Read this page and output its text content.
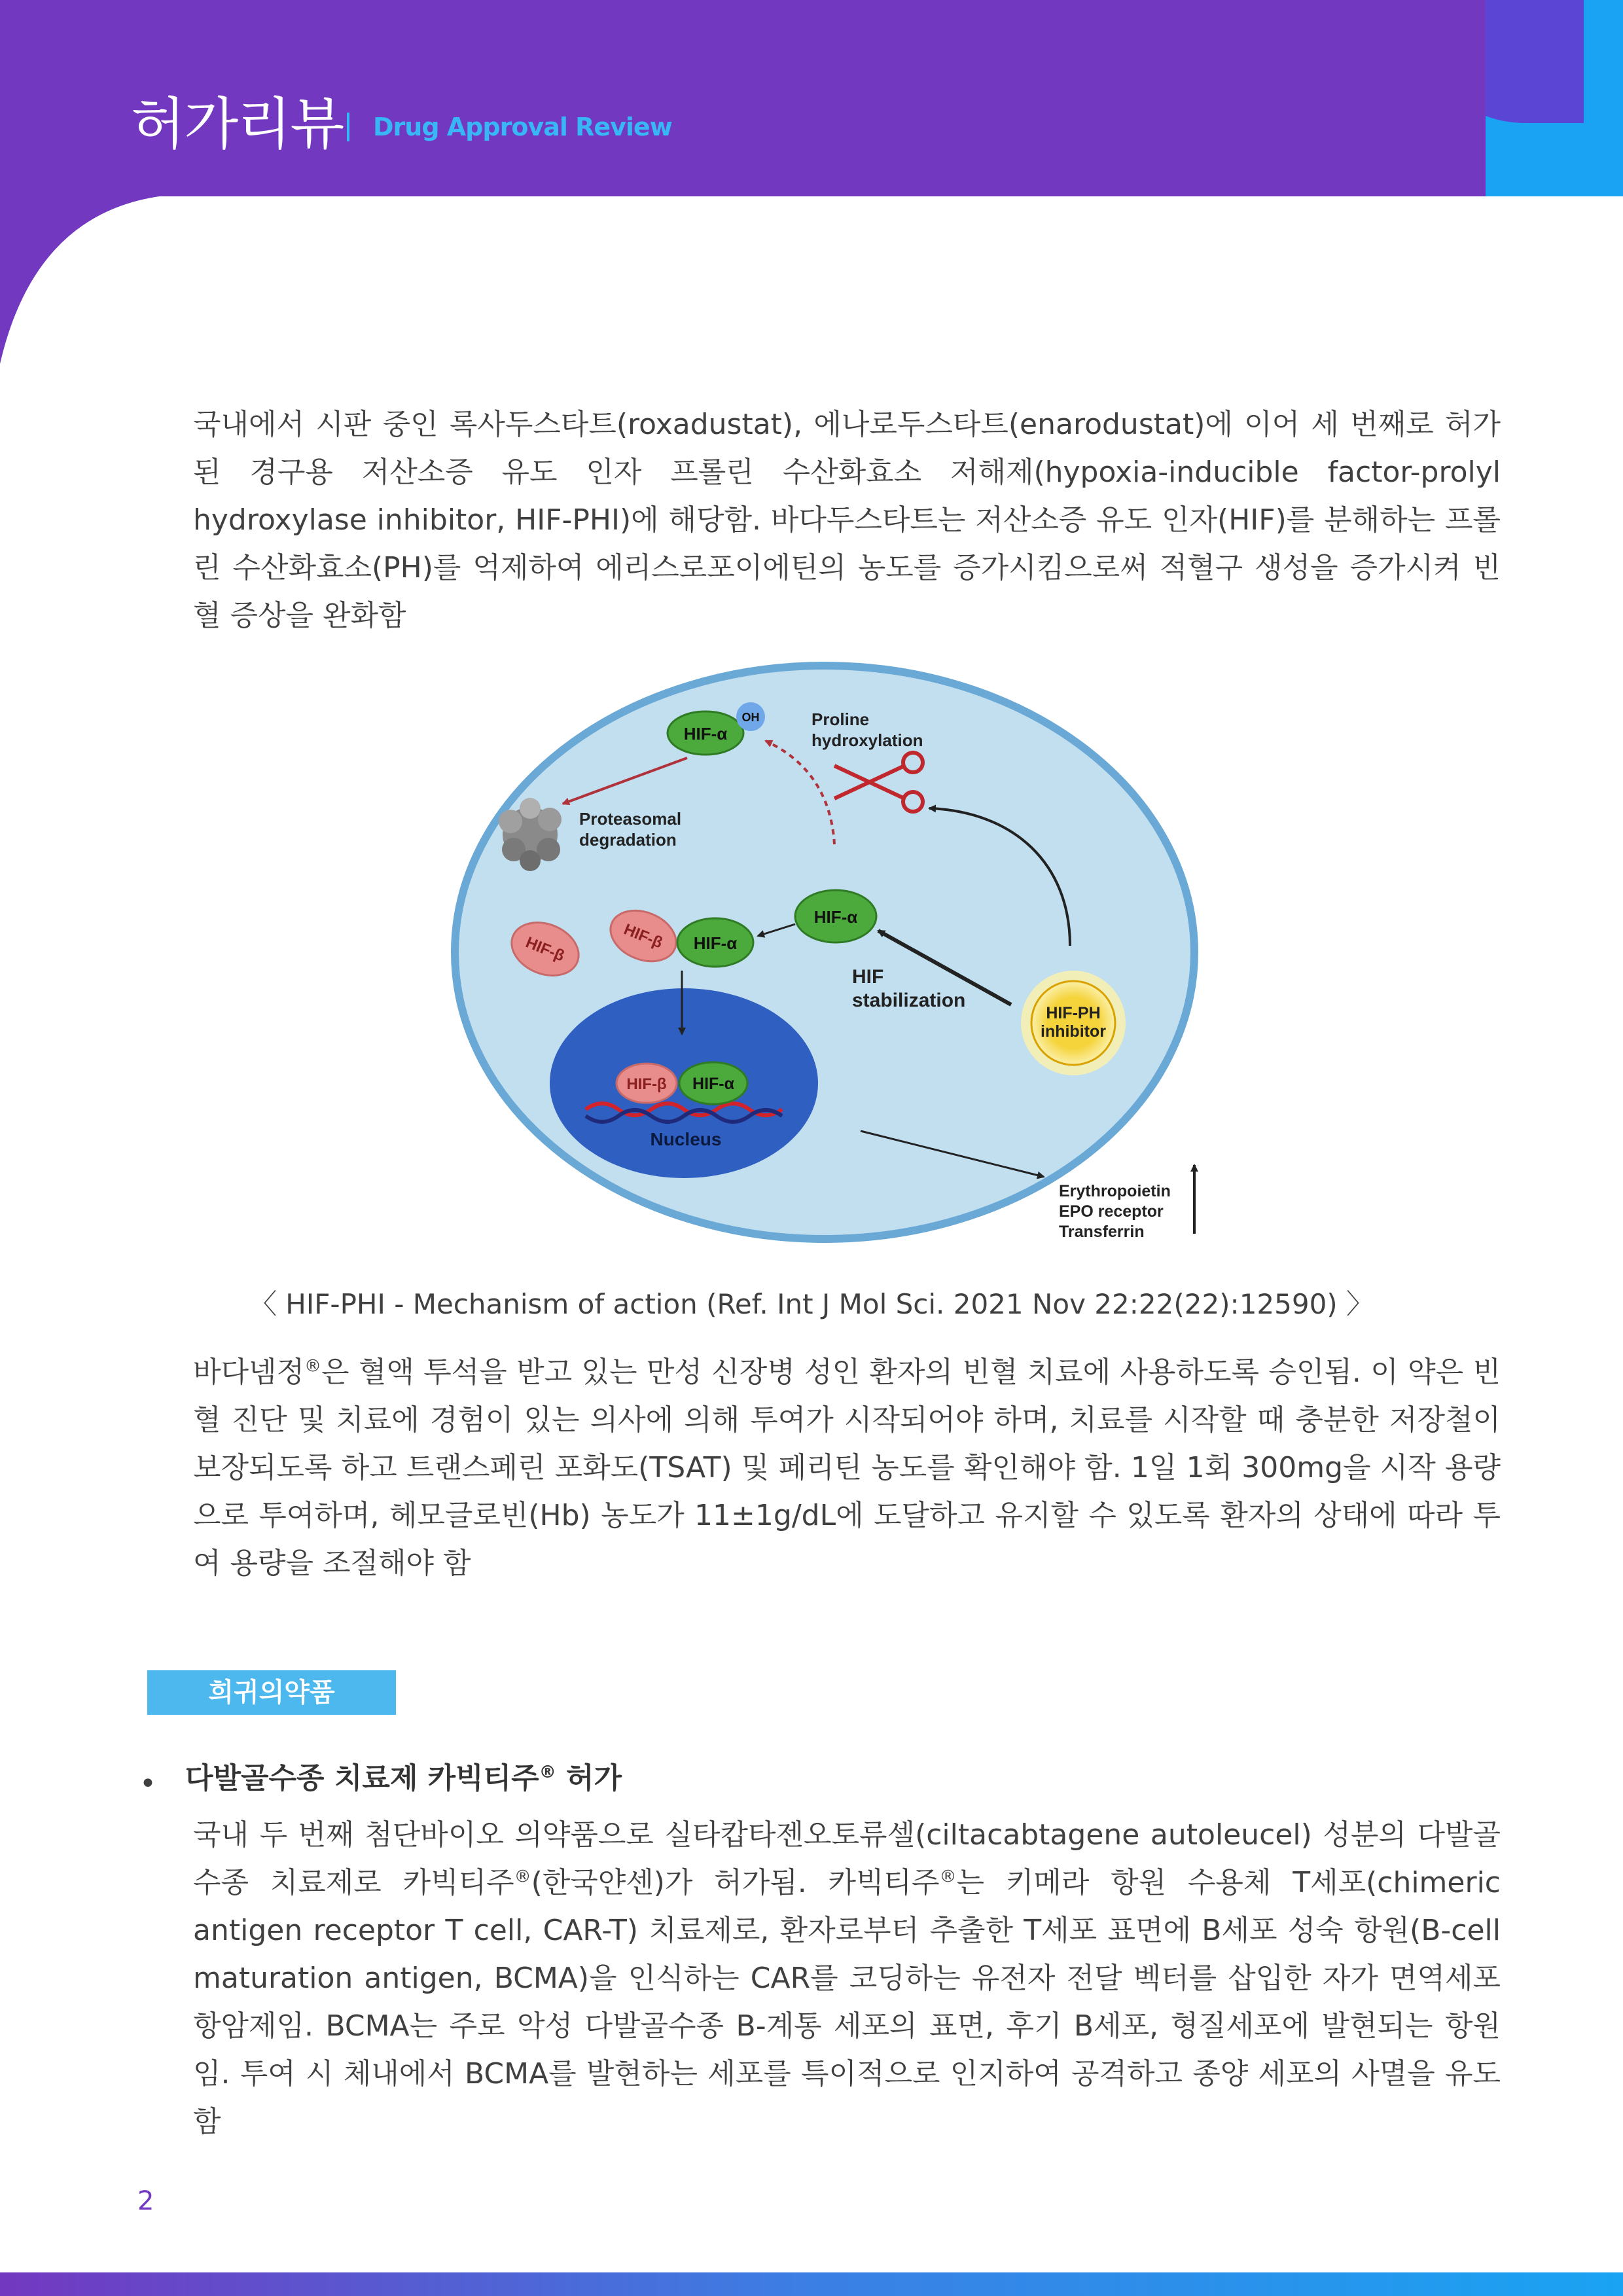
허가리뷰 Drug Approval Review
국내에서 시판 중인 록사두스타트(roxadustat), 에나로두스타트(enarodustat)에 이어 세 번째로 허가된 경구용 저산소증 유도 인자 프롤린 수산화효소 저해제(hypoxia-inducible factor-prolyl hydroxylase inhibitor, HIF-PHI)에 해당함. 바다두스타트는 저산소증 유도 인자(HIF)를 분해하는 프롤린 수산화효소(PH)를 억제하여 에리스로포이에틴의 농도를 증가시킴으로써 적혈구 생성을 증가시켜 빈혈 증상을 완화함
HIF-α
OH	Proline
hydroxylation
Proteasomal
degradation
HIF-β	HIF-β HIF-α
HIF-α
HIF
stabilization
HIF-PH
inhibitor
HIF-β HIF-α
Nucleus
Erythropoietin
EPO receptor
Transferrin
〈 HIF-PHI - Mechanism of action (Ref. Int J Mol Sci. 2021 Nov 22:22(22):12590) 〉
바다넴정®은 혈액 투석을 받고 있는 만성 신장병 성인 환자의 빈혈 치료에 사용하도록 승인됨. 이 약은 빈혈 진단 및 치료에 경험이 있는 의사에 의해 투여가 시작되어야 하며, 치료를 시작할 때 충분한 저장철이 보장되도록 하고 트랜스페린 포화도(TSAT) 및 페리틴 농도를 확인해야 함. 1일 1회 300mg을 시작 용량으로 투여하며, 헤모글로빈(Hb) 농도가 11±1g/dL에 도달하고 유지할 수 있도록 환자의 상태에 따라 투여 용량을 조절해야 함
희귀의약품
• 다발골수종 치료제 카빅티주® 허가
국내 두 번째 첨단바이오 의약품으로 실타캅타젠오토류셀(ciltacabtagene autoleucel) 성분의 다발골수종 치료제로 카빅티주®(한국얀센)가 허가됨. 카빅티주®는 키메라 항원 수용체 T세포(chimeric antigen receptor T cell, CAR-T) 치료제로, 환자로부터 추출한 T세포 표면에 B세포 성숙 항원(B-cell maturation antigen, BCMA)을 인식하는 CAR를 코딩하는 유전자 전달 벡터를 삽입한 자가 면역세포 항암제임. BCMA는 주로 악성 다발골수종 B-계통 세포의 표면, 후기 B세포, 형질세포에 발현되는 항원임. 투여 시 체내에서 BCMA를 발현하는 세포를 특이적으로 인지하여 공격하고 종양 세포의 사멸을 유도함
2
